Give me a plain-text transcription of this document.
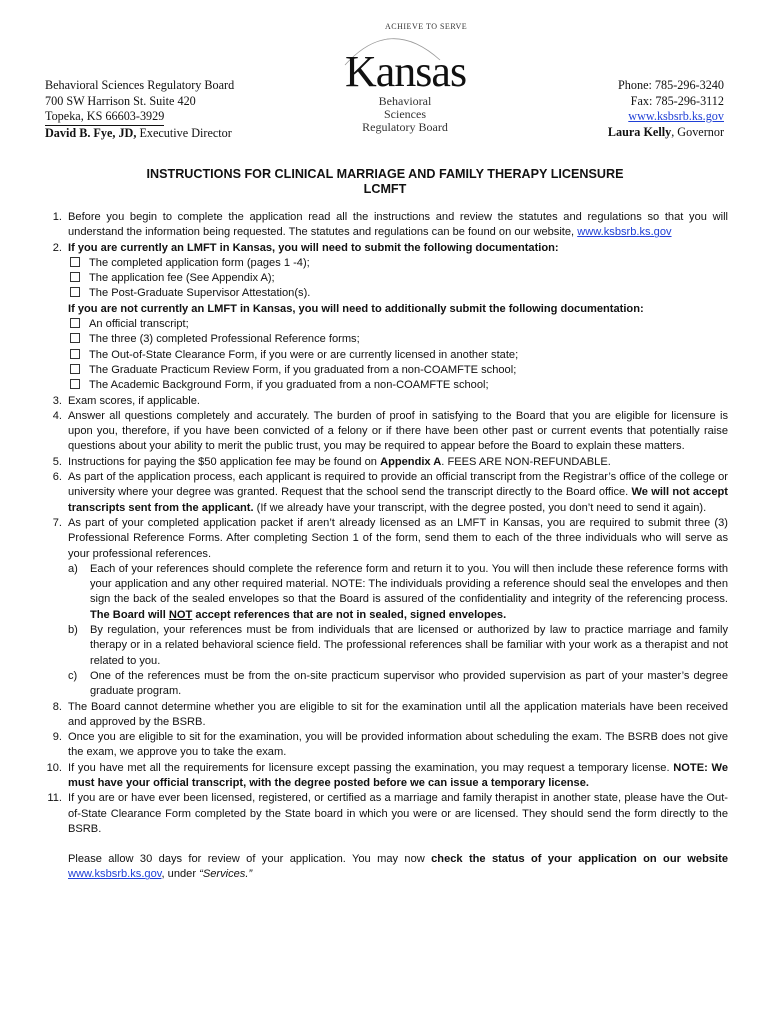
Behavioral Sciences Regulatory Board
700 SW Harrison St. Suite 420
Topeka, KS 66603-3929
David B. Fye, JD, Executive Director
ACHIEVE TO SERVE
Kansas
Behavioral Sciences
Regulatory Board
Phone: 785-296-3240
Fax: 785-296-3112
www.ksbsrb.ks.gov
Laura Kelly, Governor
INSTRUCTIONS FOR CLINICAL MARRIAGE AND FAMILY THERAPY LICENSURE
LCMFT
1. Before you begin to complete the application read all the instructions and review the statutes and regulations so that you will understand the information being requested. The statutes and regulations can be found on our website, www.ksbsrb.ks.gov
2. If you are currently an LMFT in Kansas, you will need to submit the following documentation:
The completed application form (pages 1 -4);
The application fee (See Appendix A);
The Post-Graduate Supervisor Attestation(s).
If you are not currently an LMFT in Kansas, you will need to additionally submit the following documentation:
An official transcript;
The three (3) completed Professional Reference forms;
The Out-of-State Clearance Form, if you were or are currently licensed in another state;
The Graduate Practicum Review Form, if you graduated from a non-COAMFTE school;
The Academic Background Form, if you graduated from a non-COAMFTE school;
3. Exam scores, if applicable.
4. Answer all questions completely and accurately. The burden of proof in satisfying to the Board that you are eligible for licensure is upon you, therefore, if you have been convicted of a felony or if there have been other past or current events that potentially raise questions about your ability to merit the public trust, you may be required to appear before the Board to explain these matters.
5. Instructions for paying the $50 application fee may be found on Appendix A. FEES ARE NON-REFUNDABLE.
6. As part of the application process, each applicant is required to provide an official transcript from the Registrar’s office of the college or university where your degree was granted. Request that the school send the transcript directly to the Board office. We will not accept transcripts sent from the applicant. (If we already have your transcript, with the degree posted, you don’t need to send it again).
7. As part of your completed application packet if aren’t already licensed as an LMFT in Kansas, you are required to submit three (3) Professional Reference Forms. After completing Section 1 of the form, send them to each of the three individuals who will serve as your professional references.
a) Each of your references should complete the reference form and return it to you. You will then include these reference forms with your application and any other required material. NOTE: The individuals providing a reference should seal the envelopes and then sign the back of the sealed envelopes so that the Board is assured of the confidentiality and integrity of the referencing process. The Board will NOT accept references that are not in sealed, signed envelopes.
b) By regulation, your references must be from individuals that are licensed or authorized by law to practice marriage and family therapy or in a related behavioral science field. The professional references shall be familiar with your work as a therapist and not related to you.
c) One of the references must be from the on-site practicum supervisor who provided supervision as part of your master’s degree graduate program.
8. The Board cannot determine whether you are eligible to sit for the examination until all the application materials have been received and approved by the BSRB.
9. Once you are eligible to sit for the examination, you will be provided information about scheduling the exam. The BSRB does not give the exam, we approve you to take the exam.
10. If you have met all the requirements for licensure except passing the examination, you may request a temporary license. NOTE: We must have your official transcript, with the degree posted before we can issue a temporary license.
11. If you are or have ever been licensed, registered, or certified as a marriage and family therapist in another state, please have the Out-of-State Clearance Form completed by the State board in which you were or are licensed. They should send the form directly to the BSRB.
Please allow 30 days for review of your application. You may now check the status of your application on our website www.ksbsrb.ks.gov, under “Services.”
